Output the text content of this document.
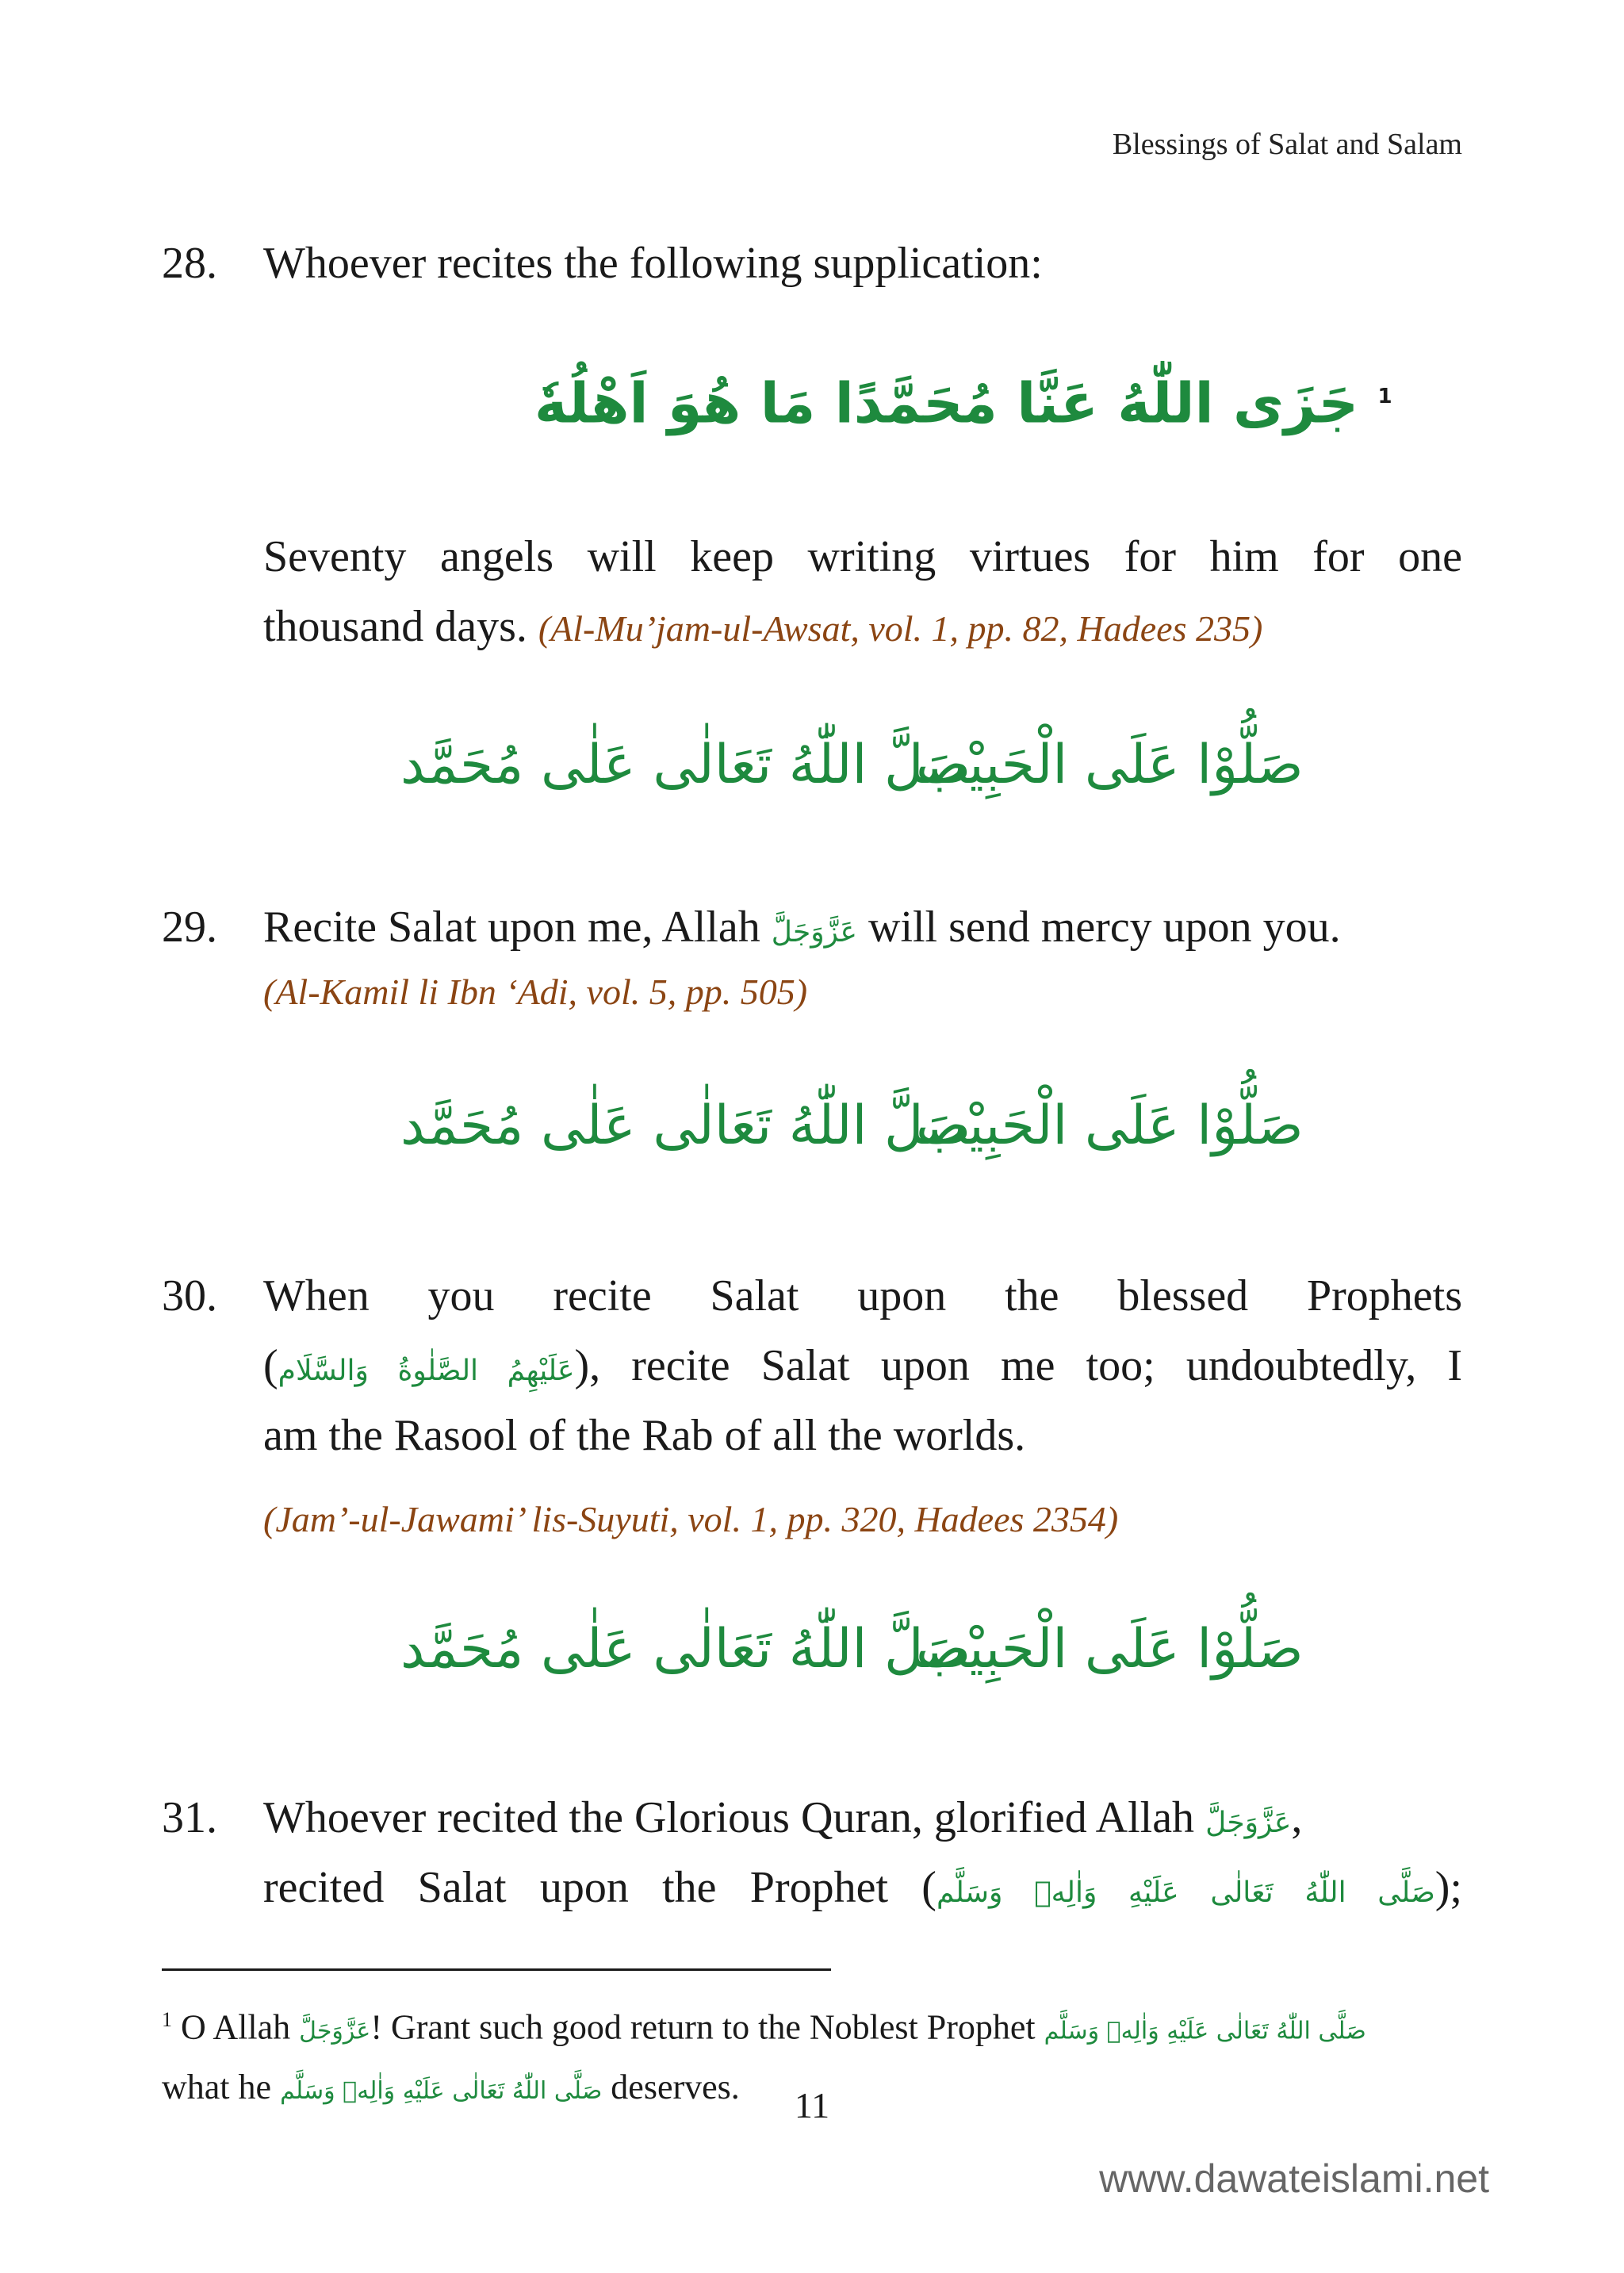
Blessings of Salat and Salam
28.	Whoever recites the following supplication:
$^1$ جَزَی اللّٰهُ عَنَّا مُحَمَّدًا مَا هُوَ اَهْلُهٗ
Seventy angels will keep writing virtues for him for one
thousand days. (Al-Mu’jam-ul-Awsat, vol. 1, pp. 82, Hadees 235)
صَلَّ اللّٰهُ تَعَالٰی عَلٰی مُحَمَّد
صَلُّوْا عَلَی الْحَبِیْب
29.	Recite Salat upon me, Allah عَزَّوَجَلَّ will send mercy upon you.
(Al-Kamil li Ibn ‘Adi, vol. 5, pp. 505)
صَلَّ اللّٰهُ تَعَالٰی عَلٰی مُحَمَّد
صَلُّوْا عَلَی الْحَبِیْب
30.	When you recite Salat upon the blessed Prophets
(عَلَیْهِمُ الصَّلٰوةُ وَالسَّلَام), recite Salat upon me too; undoubtedly, I
am the Rasool of the Rab of all the worlds.
(Jam’-ul-Jawami’ lis-Suyuti, vol. 1, pp. 320, Hadees 2354)
صَلَّ اللّٰهُ تَعَالٰی عَلٰی مُحَمَّد
صَلُّوْا عَلَی الْحَبِیْب
31.	Whoever recited the Glorious Quran, glorified Allah عَزَّوَجَلَّ,
recited Salat upon the Prophet (صَلَّى اللّٰهُ تَعَالٰى عَلَيْهِ وَاٰلِهٖ وَسَلَّم);
$^1$ O Allah عَزَّوَجَلَّ! Grant such good return to the Noblest Prophet صَلَّى اللّٰهُ تَعَالٰى عَلَيْهِ وَاٰلِهٖ وَسَلَّم
what he صَلَّى اللّٰهُ تَعَالٰى عَلَيْهِ وَاٰلِهٖ وَسَلَّم deserves.	11
www.dawateislami.net
